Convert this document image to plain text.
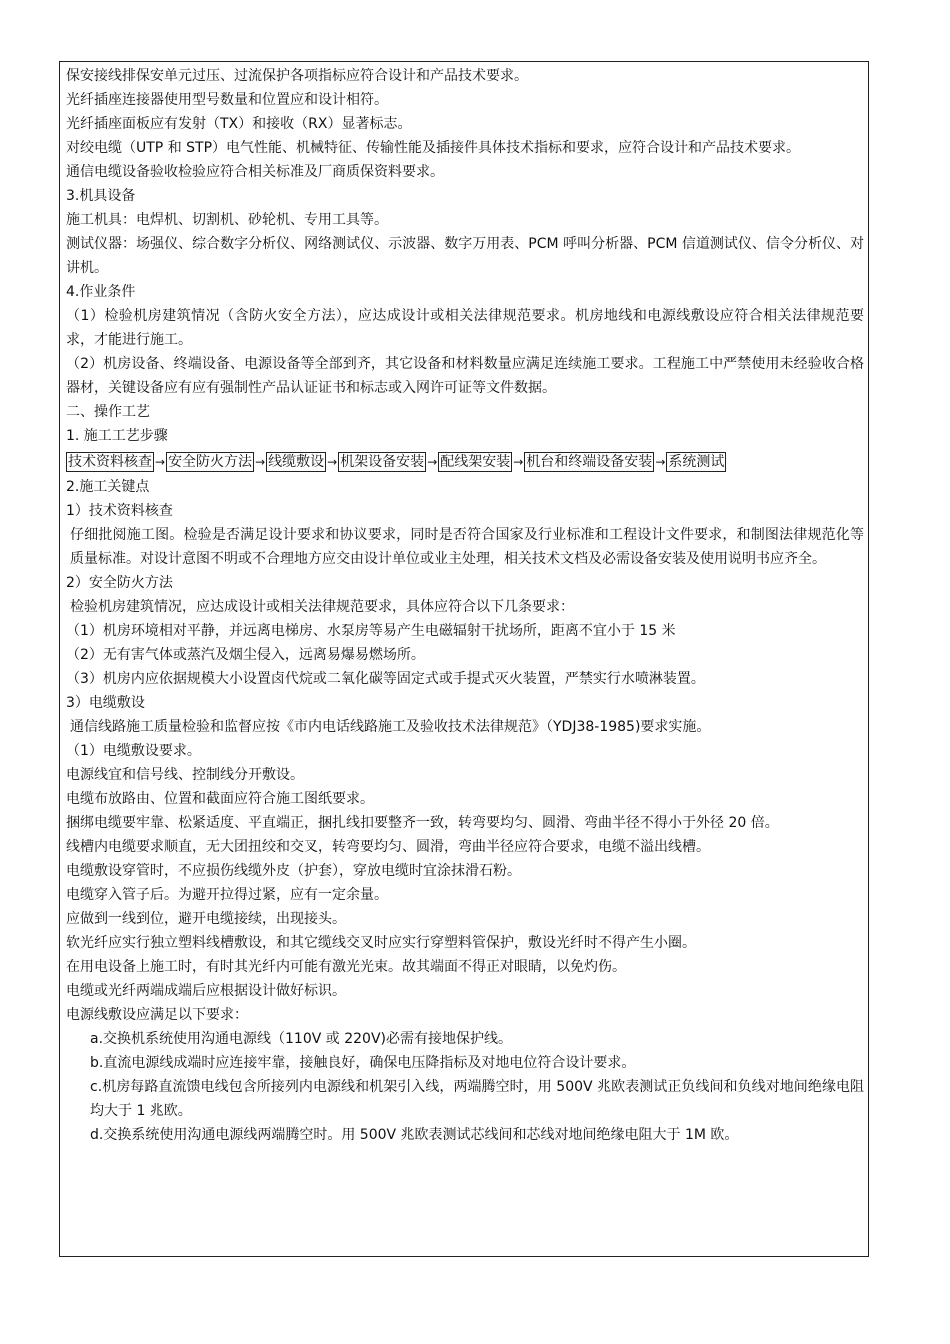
保安接线排保安单元过压、过流保护各项指标应符合设计和产品技术要求。

光纤插座连接器使用型号数量和位置应和设计相符。

光纤插座面板应有发射（TX）和接收（RX）显著标志。

对绞电缆（UTP 和 STP）电气性能、机械特征、传输性能及插接件具体技术指标和要求，应符合设计和产品技术要求。

通信电缆设备验收检验应符合相关标准及厂商质保资料要求。

3.机具设备

施工机具：电焊机、切割机、砂轮机、专用工具等。

测试仪器：场强仪、综合数字分析仪、网络测试仪、示波器、数字万用表、PCM 呼叫分析器、PCM 信道测试仪、信令分析仪、对讲机。

4.作业条件

（1）检验机房建筑情况（含防火安全方法），应达成设计或相关法律规范要求。机房地线和电源线敷设应符合相关法律规范要求，才能进行施工。

（2）机房设备、终端设备、电源设备等全部到齐，其它设备和材料数量应满足连续施工要求。工程施工中严禁使用未经验收合格器材，关键设备应有应有强制性产品认证证书和标志或入网许可证等文件数据。

二、操作工艺

1. 施工工艺步骤

技术资料核查 → 安全防火方法 → 线缆敷设 → 机架设备安装 → 配线架安装 → 机台和终端设备安装 → 系统测试

2.施工关键点

1）技术资料核查

仔细批阅施工图。检验是否满足设计要求和协议要求，同时是否符合国家及行业标准和工程设计文件要求，和制图法律规范化等质量标准。对设计意图不明或不合理地方应交由设计单位或业主处理，相关技术文档及必需设备安装及使用说明书应齐全。

2）安全防火方法

检验机房建筑情况，应达成设计或相关法律规范要求，具体应符合以下几条要求：

（1）机房环境相对平静，并远离电梯房、水泵房等易产生电磁辐射干扰场所，距离不宜小于 15 米

（2）无有害气体或蒸汽及烟尘侵入，远离易爆易燃场所。

（3）机房内应依据规模大小设置卤代烷或二氧化碳等固定式或手提式灭火装置，严禁实行水喷淋装置。

3）电缆敷设

通信线路施工质量检验和监督应按《市内电话线路施工及验收技术法律规范》（YDJ38-1985)要求实施。

（1）电缆敷设要求。

电源线宜和信号线、控制线分开敷设。

电缆布放路由、位置和截面应符合施工图纸要求。

捆绑电缆要牢靠、松紧适度、平直端正，捆扎线扣要整齐一致，转弯要均匀、圆滑、弯曲半径不得小于外径 20 倍。

线槽内电缆要求顺直，无大团扭绞和交叉，转弯要均匀、圆滑，弯曲半径应符合要求，电缆不溢出线槽。

电缆敷设穿管时，不应损伤线缆外皮（护套），穿放电缆时宜涂抹滑石粉。

电缆穿入管子后。为避开拉得过紧，应有一定余量。

应做到一线到位，避开电缆接续，出现接头。

软光纤应实行独立塑料线槽敷设，和其它缆线交叉时应实行穿塑料管保护，敷设光纤时不得产生小圈。

在用电设备上施工时，有时其光纤内可能有激光光束。故其端面不得正对眼睛，以免灼伤。

电缆或光纤两端成端后应根据设计做好标识。

电源线敷设应满足以下要求：

a.交换机系统使用沟通电源线（110V 或 220V)必需有接地保护线。

b.直流电源线成端时应连接牢靠，接触良好，确保电压降指标及对地电位符合设计要求。

c.机房每路直流馈电线包含所接列内电源线和机架引入线，两端腾空时，用 500V 兆欧表测试正负线间和负线对地间绝缘电阻均大于 1 兆欧。

d.交换系统使用沟通电源线两端腾空时。用 500V 兆欧表测试芯线间和芯线对地间绝缘电阻大于 1M 欧。
